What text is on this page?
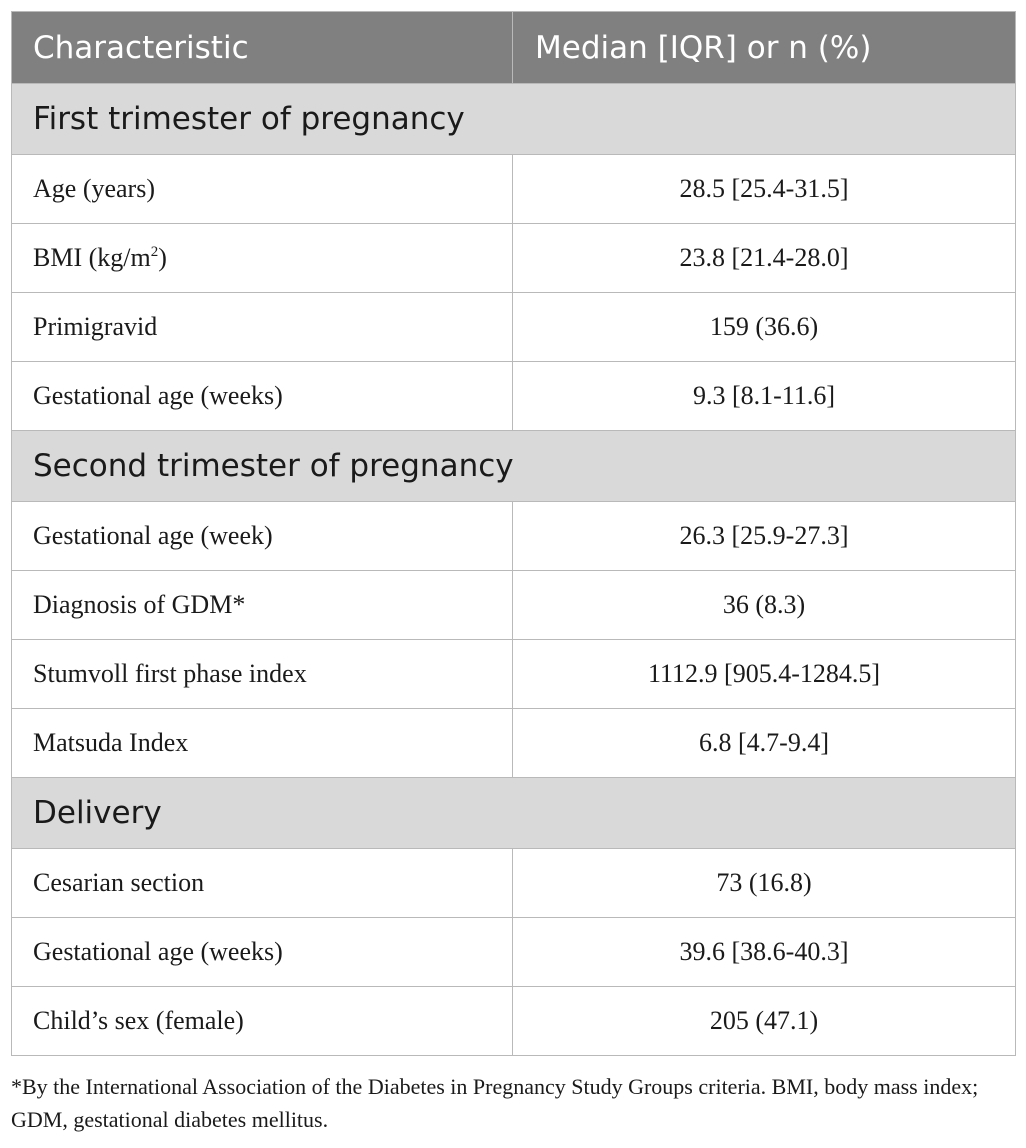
Characteristic	Median [IQR] or n (%)
First trimester of pregnancy	
Age (years)	28.5 [25.4-31.5]
BMI $(kg/m^2)$	23.8 [21.4-28.0]
Primigravid	159 (36.6)
Gestational age (weeks)	9.3 [8.1-11.6]
Second trimester of pregnancy	
Gestational age (week)	26.3 [25.9-27.3]
Diagnosis of GDM*	36 (8.3)
Stumvoll first phase index	1112.9 [905.4-1284.5]
Matsuda Index	6.8 [4.7-9.4]
Delivery	
Cesarian section	73 (16.8)
Gestational age (weeks)	39.6 [38.6-40.3]
Child’s sex (female)	205 (47.1)

*By the International Association of the Diabetes in Pregnancy Study Groups criteria. BMI, body mass index; GDM, gestational diabetes mellitus.
